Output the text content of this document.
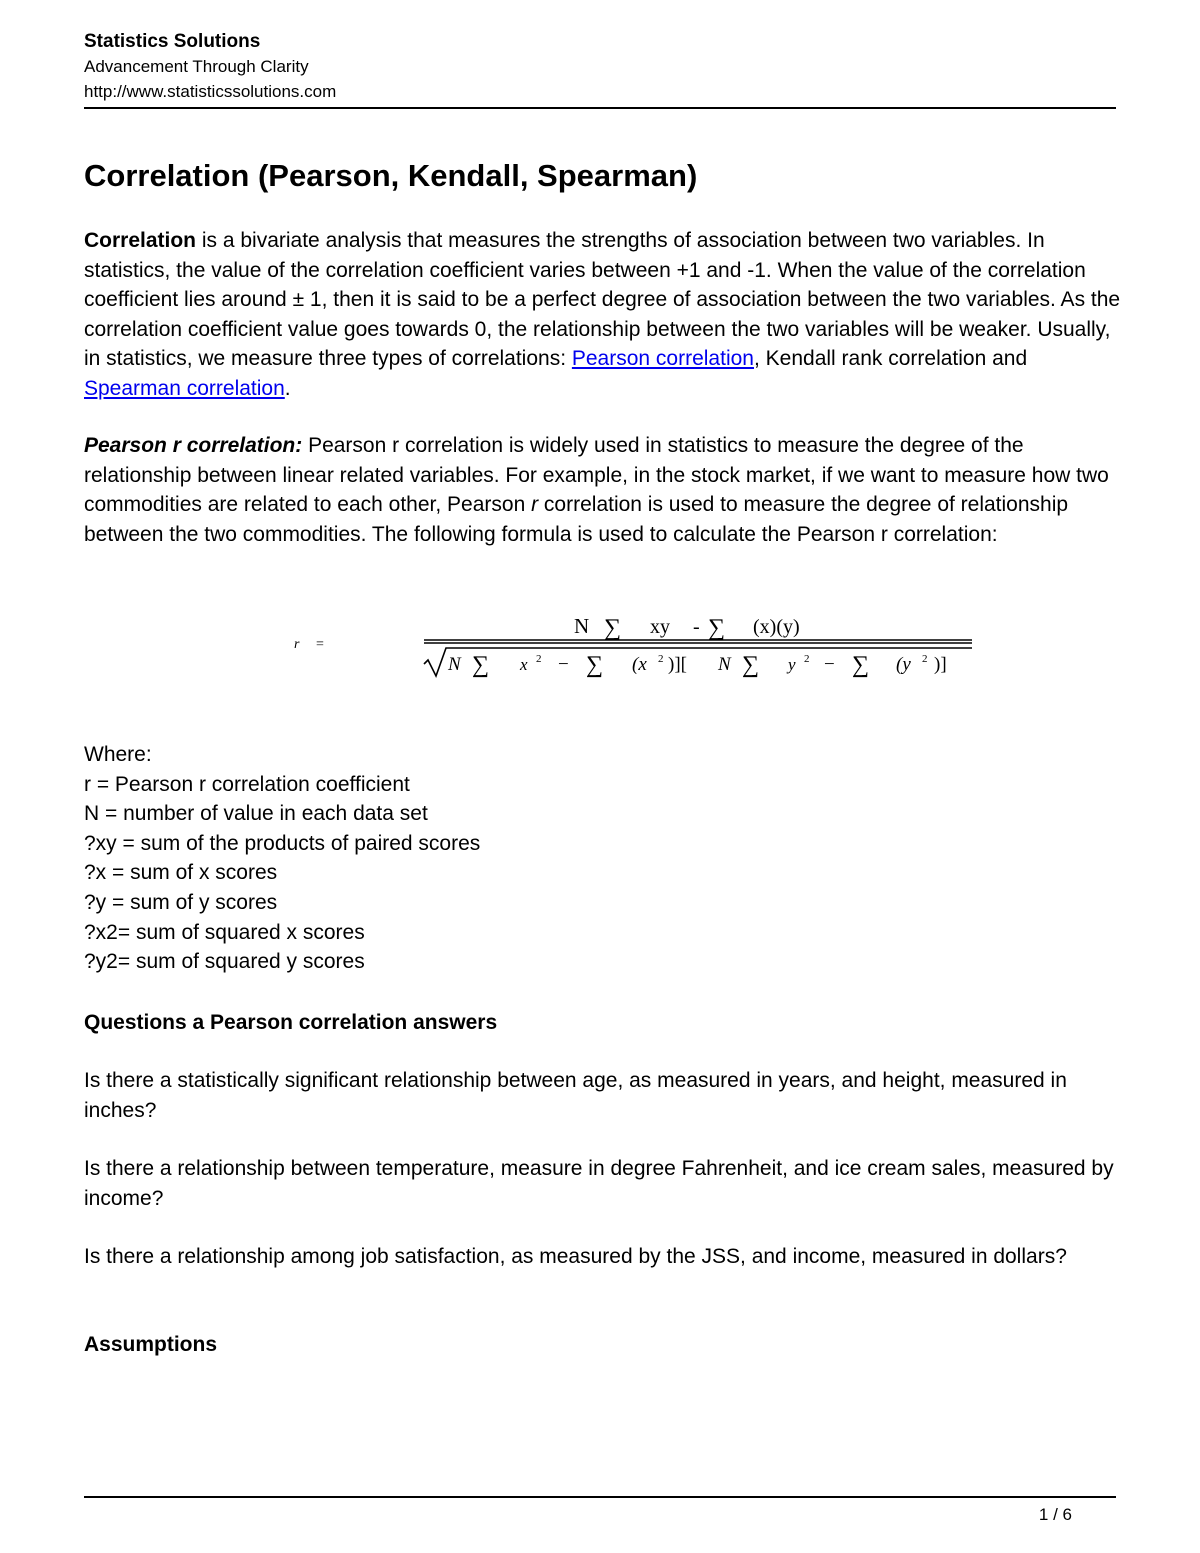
Statistics Solutions
Advancement Through Clarity
http://www.statisticssolutions.com
Correlation (Pearson, Kendall, Spearman)

Correlation is a bivariate analysis that measures the strengths of association between two variables. In statistics, the value of the correlation coefficient varies between +1 and -1. When the value of the correlation coefficient lies around ± 1, then it is said to be a perfect degree of association between the two variables. As the correlation coefficient value goes towards 0, the relationship between the two variables will be weaker. Usually, in statistics, we measure three types of correlations: Pearson correlation, Kendall rank correlation and Spearman correlation.

Pearson r correlation: Pearson r correlation is widely used in statistics to measure the degree of the relationship between linear related variables. For example, in the stock market, if we want to measure how two commodities are related to each other, Pearson r correlation is used to measure the degree of relationship between the two commodities. The following formula is used to calculate the Pearson r correlation:

r =
N ∑ xy - ∑ (x)(y)
N ∑ x 2 − ∑ (x 2 )][ N ∑ y 2 − ∑ (y 2 )]
Where:
r = Pearson r correlation coefficient
N = number of value in each data set
?xy = sum of the products of paired scores
?x = sum of x scores
?y = sum of y scores
?x2= sum of squared x scores
?y2= sum of squared y scores
Questions a Pearson correlation answers

Is there a statistically significant relationship between age, as measured in years, and height, measured in inches?

Is there a relationship between temperature, measure in degree Fahrenheit, and ice cream sales, measured by income?

Is there a relationship among job satisfaction, as measured by the JSS, and income, measured in dollars?

Assumptions
1 / 6
